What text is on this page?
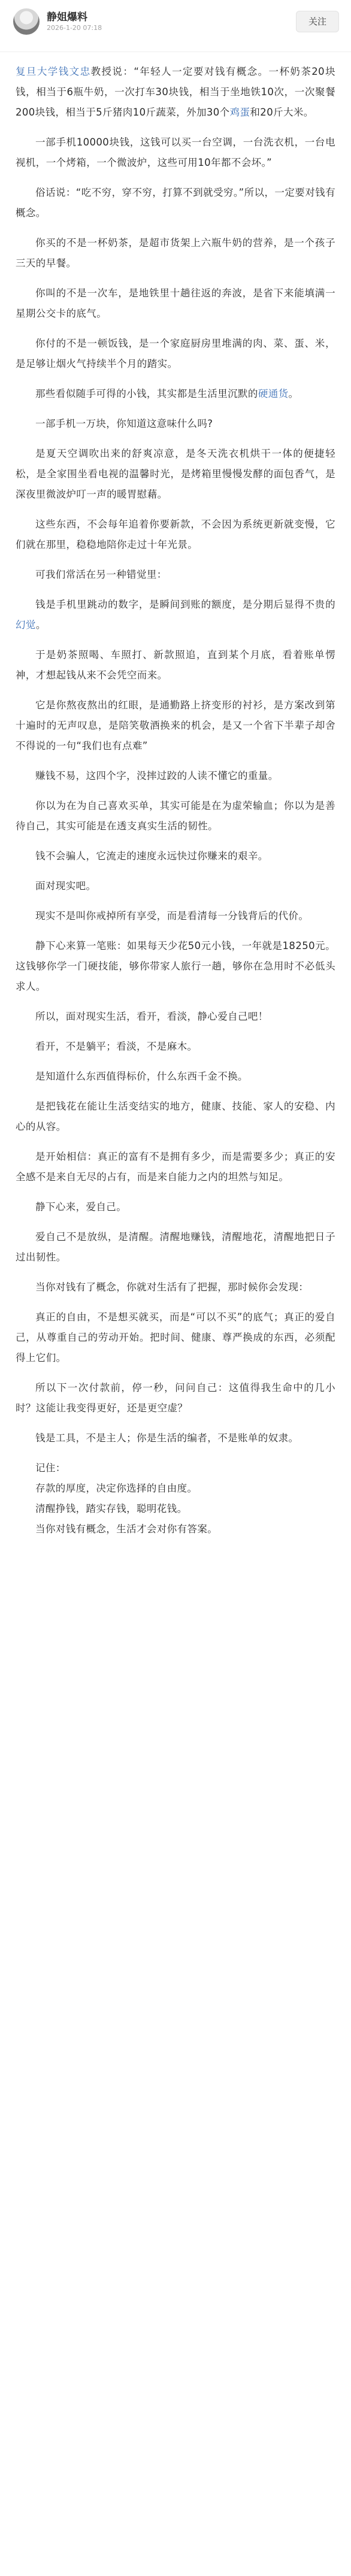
静姐爆料
2026-1-20 07:18
关注

复旦大学钱文忠教授说：“年轻人一定要对钱有概念。一杯奶茶20块钱，相当于6瓶牛奶，一次打车30块钱，相当于坐地铁10次，一次聚餐200块钱，相当于5斤猪肉10斤蔬菜，外加30个鸡蛋和20斤大米。

一部手机10000块钱，这钱可以买一台空调，一台洗衣机，一台电视机，一个烤箱，一个微波炉，这些可用10年都不会坏。”

俗话说：“吃不穷，穿不穷，打算不到就受穷。”所以，一定要对钱有概念。

你买的不是一杯奶茶，是超市货架上六瓶牛奶的营养，是一个孩子三天的早餐。

你叫的不是一次车，是地铁里十趟往返的奔波，是省下来能填满一星期公交卡的底气。

你付的不是一顿饭钱，是一个家庭厨房里堆满的肉、菜、蛋、米，是足够让烟火气持续半个月的踏实。

那些看似随手可得的小钱，其实都是生活里沉默的硬通货。

一部手机一万块，你知道这意味什么吗?

是夏天空调吹出来的舒爽凉意，是冬天洗衣机烘干一体的便捷轻松，是全家围坐看电视的温馨时光，是烤箱里慢慢发酵的面包香气，是深夜里微波炉叮一声的暖胃慰藉。

这些东西，不会每年追着你要新款，不会因为系统更新就变慢，它们就在那里，稳稳地陪你走过十年光景。

可我们常活在另一种错觉里：

钱是手机里跳动的数字，是瞬间到账的额度，是分期后显得不贵的幻觉。

于是奶茶照喝、车照打、新款照追，直到某个月底，看着账单愣神，才想起钱从来不会凭空而来。

它是你熬夜熬出的红眼，是通勤路上挤变形的衬衫，是方案改到第十遍时的无声叹息，是陪笑敬酒换来的机会，是又一个省下半辈子却舍不得说的一句“我们也有点难”

赚钱不易，这四个字，没摔过跤的人读不懂它的重量。

你以为在为自己喜欢买单，其实可能是在为虚荣输血；你以为是善待自己，其实可能是在透支真实生活的韧性。

钱不会骗人，它流走的速度永远快过你赚来的艰辛。

面对现实吧。

现实不是叫你戒掉所有享受，而是看清每一分钱背后的代价。

静下心来算一笔账：如果每天少花50元小钱，一年就是18250元。这钱够你学一门硬技能，够你带家人旅行一趟，够你在急用时不必低头求人。

所以，面对现实生活，看开，看淡，静心爱自己吧！

看开，不是躺平；看淡，不是麻木。

是知道什么东西值得标价，什么东西千金不换。

是把钱花在能让生活变结实的地方，健康、技能、家人的安稳、内心的从容。

是开始相信：真正的富有不是拥有多少，而是需要多少；真正的安全感不是来自无尽的占有，而是来自能力之内的坦然与知足。

静下心来，爱自己。

爱自己不是放纵，是清醒。清醒地赚钱，清醒地花，清醒地把日子过出韧性。

当你对钱有了概念，你就对生活有了把握，那时候你会发现：

真正的自由，不是想买就买，而是“可以不买”的底气；真正的爱自己，从尊重自己的劳动开始。把时间、健康、尊严换成的东西，必须配得上它们。

所以下一次付款前，停一秒，问问自己：这值得我生命中的几小时？这能让我变得更好，还是更空虚？

钱是工具，不是主人；你是生活的编者，不是账单的奴隶。

记住：

存款的厚度，决定你选择的自由度。

清醒挣钱，踏实存钱，聪明花钱。

当你对钱有概念，生活才会对你有答案。
